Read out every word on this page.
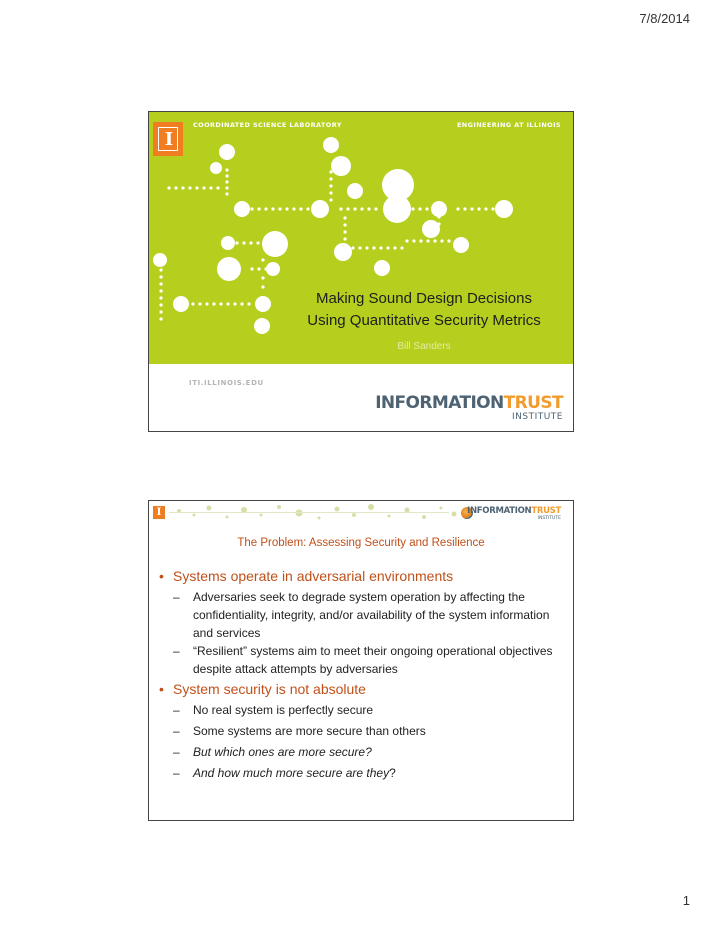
7/8/2014
COORDINATED SCIENCE LABORATORY	ENGINEERING AT ILLINOIS
I
Making Sound Design Decisions
Using Quantitative Security Metrics
Bill Sanders
ITI.ILLINOIS.EDU
INFORMATIONTRUST
INSTITUTE
I	INFORMATIONTRUST
INSTITUTE
The Problem: Assessing Security and Resilience

• Systems operate in adversarial environments

– Adversaries seek to degrade system operation by affecting the confidentiality, integrity, and/or availability of the system information and services

– “Resilient” systems aim to meet their ongoing operational objectives despite attack attempts by adversaries

• System security is not absolute

– No real system is perfectly secure

– Some systems are more secure than others

– But which ones are more secure?

– And how much more secure are they?

1
